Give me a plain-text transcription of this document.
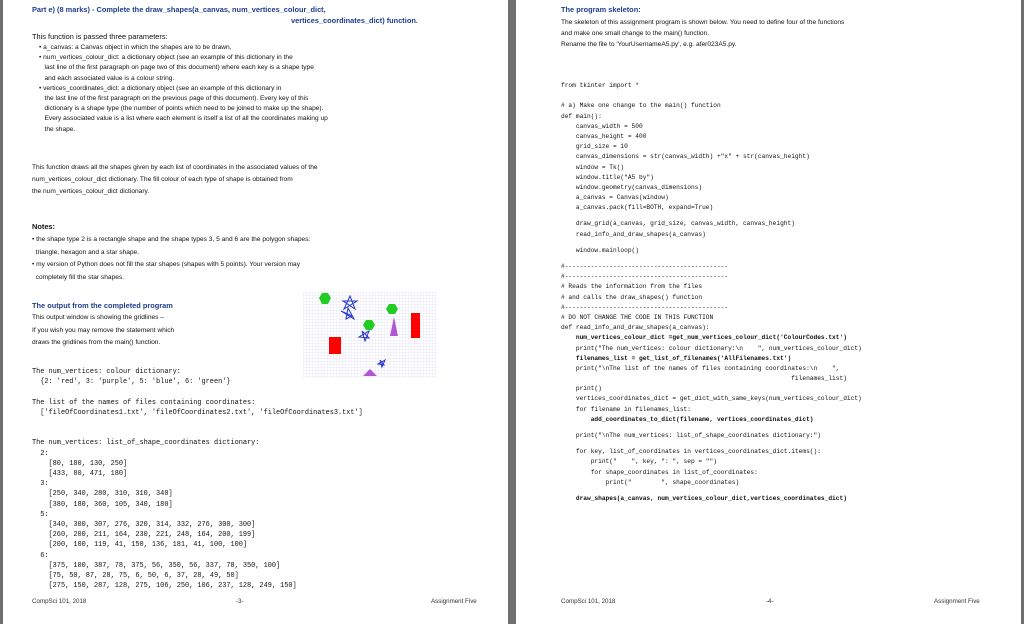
Part e) (8 marks) - Complete the draw_shapes(a_canvas, num_vertices_colour_dict,
vertices_coordinates_dict) function.
This function is passed three parameters:
• a_canvas: a Canvas object in which the shapes are to be drawn,
• num_vertices_colour_dict: a dictionary object (see an example of this dictionary in the
last line of the first paragraph on page two of this document) where each key is a shape type
and each associated value is a colour string.
• vertices_coordinates_dict: a dictionary object (see an example of this dictionary in
the last line of the first paragraph on the previous page of this document). Every key of this
dictionary is a shape type (the number of points which need to be joined to make up the shape).
Every associated value is a list where each element is itself a list of all the coordinates making up
the shape.
This function draws all the shapes given by each list of coordinates in the associated values of the
num_vertices_colour_dict dictionary. The fill colour of each type of shape is obtained from
the num_vertices_colour_dict dictionary.
Notes:
• the shape type 2 is a rectangle shape and the shape types 3, 5 and 6 are the polygon shapes:
triangle, hexagon and a star shape.
• my version of Python does not fill the star shapes (shapes with 5 points). Your version may
completely fill the star shapes.
The output from the completed program
This output window is showing the gridlines –
If you wish you may remove the statement which
draws the gridlines from the main() function.
The num_vertices: colour dictionary:
{2: 'red', 3: 'purple', 5: 'blue', 6: 'green'}
The list of the names of files containing coordinates:
['fileOfCoordinates1.txt', 'fileOfCoordinates2.txt', 'fileOfCoordinates3.txt']
The num_vertices: list_of_shape_coordinates dictionary:
2:
[80, 180, 130, 250]
[433, 80, 471, 180]
3:
[250, 340, 280, 310, 310, 340]
[380, 180, 360, 105, 340, 180]
5:
[340, 300, 307, 276, 320, 314, 332, 276, 300, 300]
[260, 200, 211, 164, 230, 221, 248, 164, 200, 199]
[200, 100, 119, 41, 150, 136, 181, 41, 100, 100]
6:
[375, 100, 387, 78, 375, 56, 350, 56, 337, 78, 350, 100]
[75, 50, 87, 28, 75, 6, 50, 6, 37, 28, 49, 50]
[275, 150, 287, 128, 275, 106, 250, 106, 237, 128, 249, 150]
CompSci 101, 2018	-3-	Assignment Five
The program skeleton:
The skeleton of this assignment program is shown below. You need to define four of the functions
and make one small change to the main() function.
Rename the file to 'YourUsernameA5.py', e.g. afer023A5.py.
from tkinter import *
# a) Make one change to the main() function
def main():
canvas_width = 500
canvas_height = 400
grid_size = 10
canvas_dimensions = str(canvas_width) +"x" + str(canvas_height)
window = Tk()
window.title("A5 by")
window.geometry(canvas_dimensions)
a_canvas = Canvas(window)
a_canvas.pack(fill=BOTH, expand=True)
draw_grid(a_canvas, grid_size, canvas_width, canvas_height)
read_info_and_draw_shapes(a_canvas)
window.mainloop()
#--------------------------------------------
#--------------------------------------------
# Reads the information from the files
# and calls the draw_shapes() function
#--------------------------------------------
# DO NOT CHANGE THE CODE IN THIS FUNCTION
def read_info_and_draw_shapes(a_canvas):
num_vertices_colour_dict =get_num_vertices_colour_dict('ColourCodes.txt')
print("The num_vertices: colour dictionary:\n    ", num_vertices_colour_dict)
filenames_list = get_list_of_filenames('AllFilenames.txt')
print("\nThe list of the names of files containing coordinates:\n    ",
filenames_list)
print()
vertices_coordinates_dict = get_dict_with_same_keys(num_vertices_colour_dict)
for filename in filenames_list:
add_coordinates_to_dict(filename, vertices_coordinates_dict)
print("\nThe num_vertices: list_of_shape_coordinates dictionary:")
for key, list_of_coordinates in vertices_coordinates_dict.items():
print("    ", key, ": ", sep = "")
for shape_coordinates in list_of_coordinates:
print("        ", shape_coordinates)
draw_shapes(a_canvas, num_vertices_colour_dict,vertices_coordinates_dict)
CompSci 101, 2018	-4-	Assignment Five
